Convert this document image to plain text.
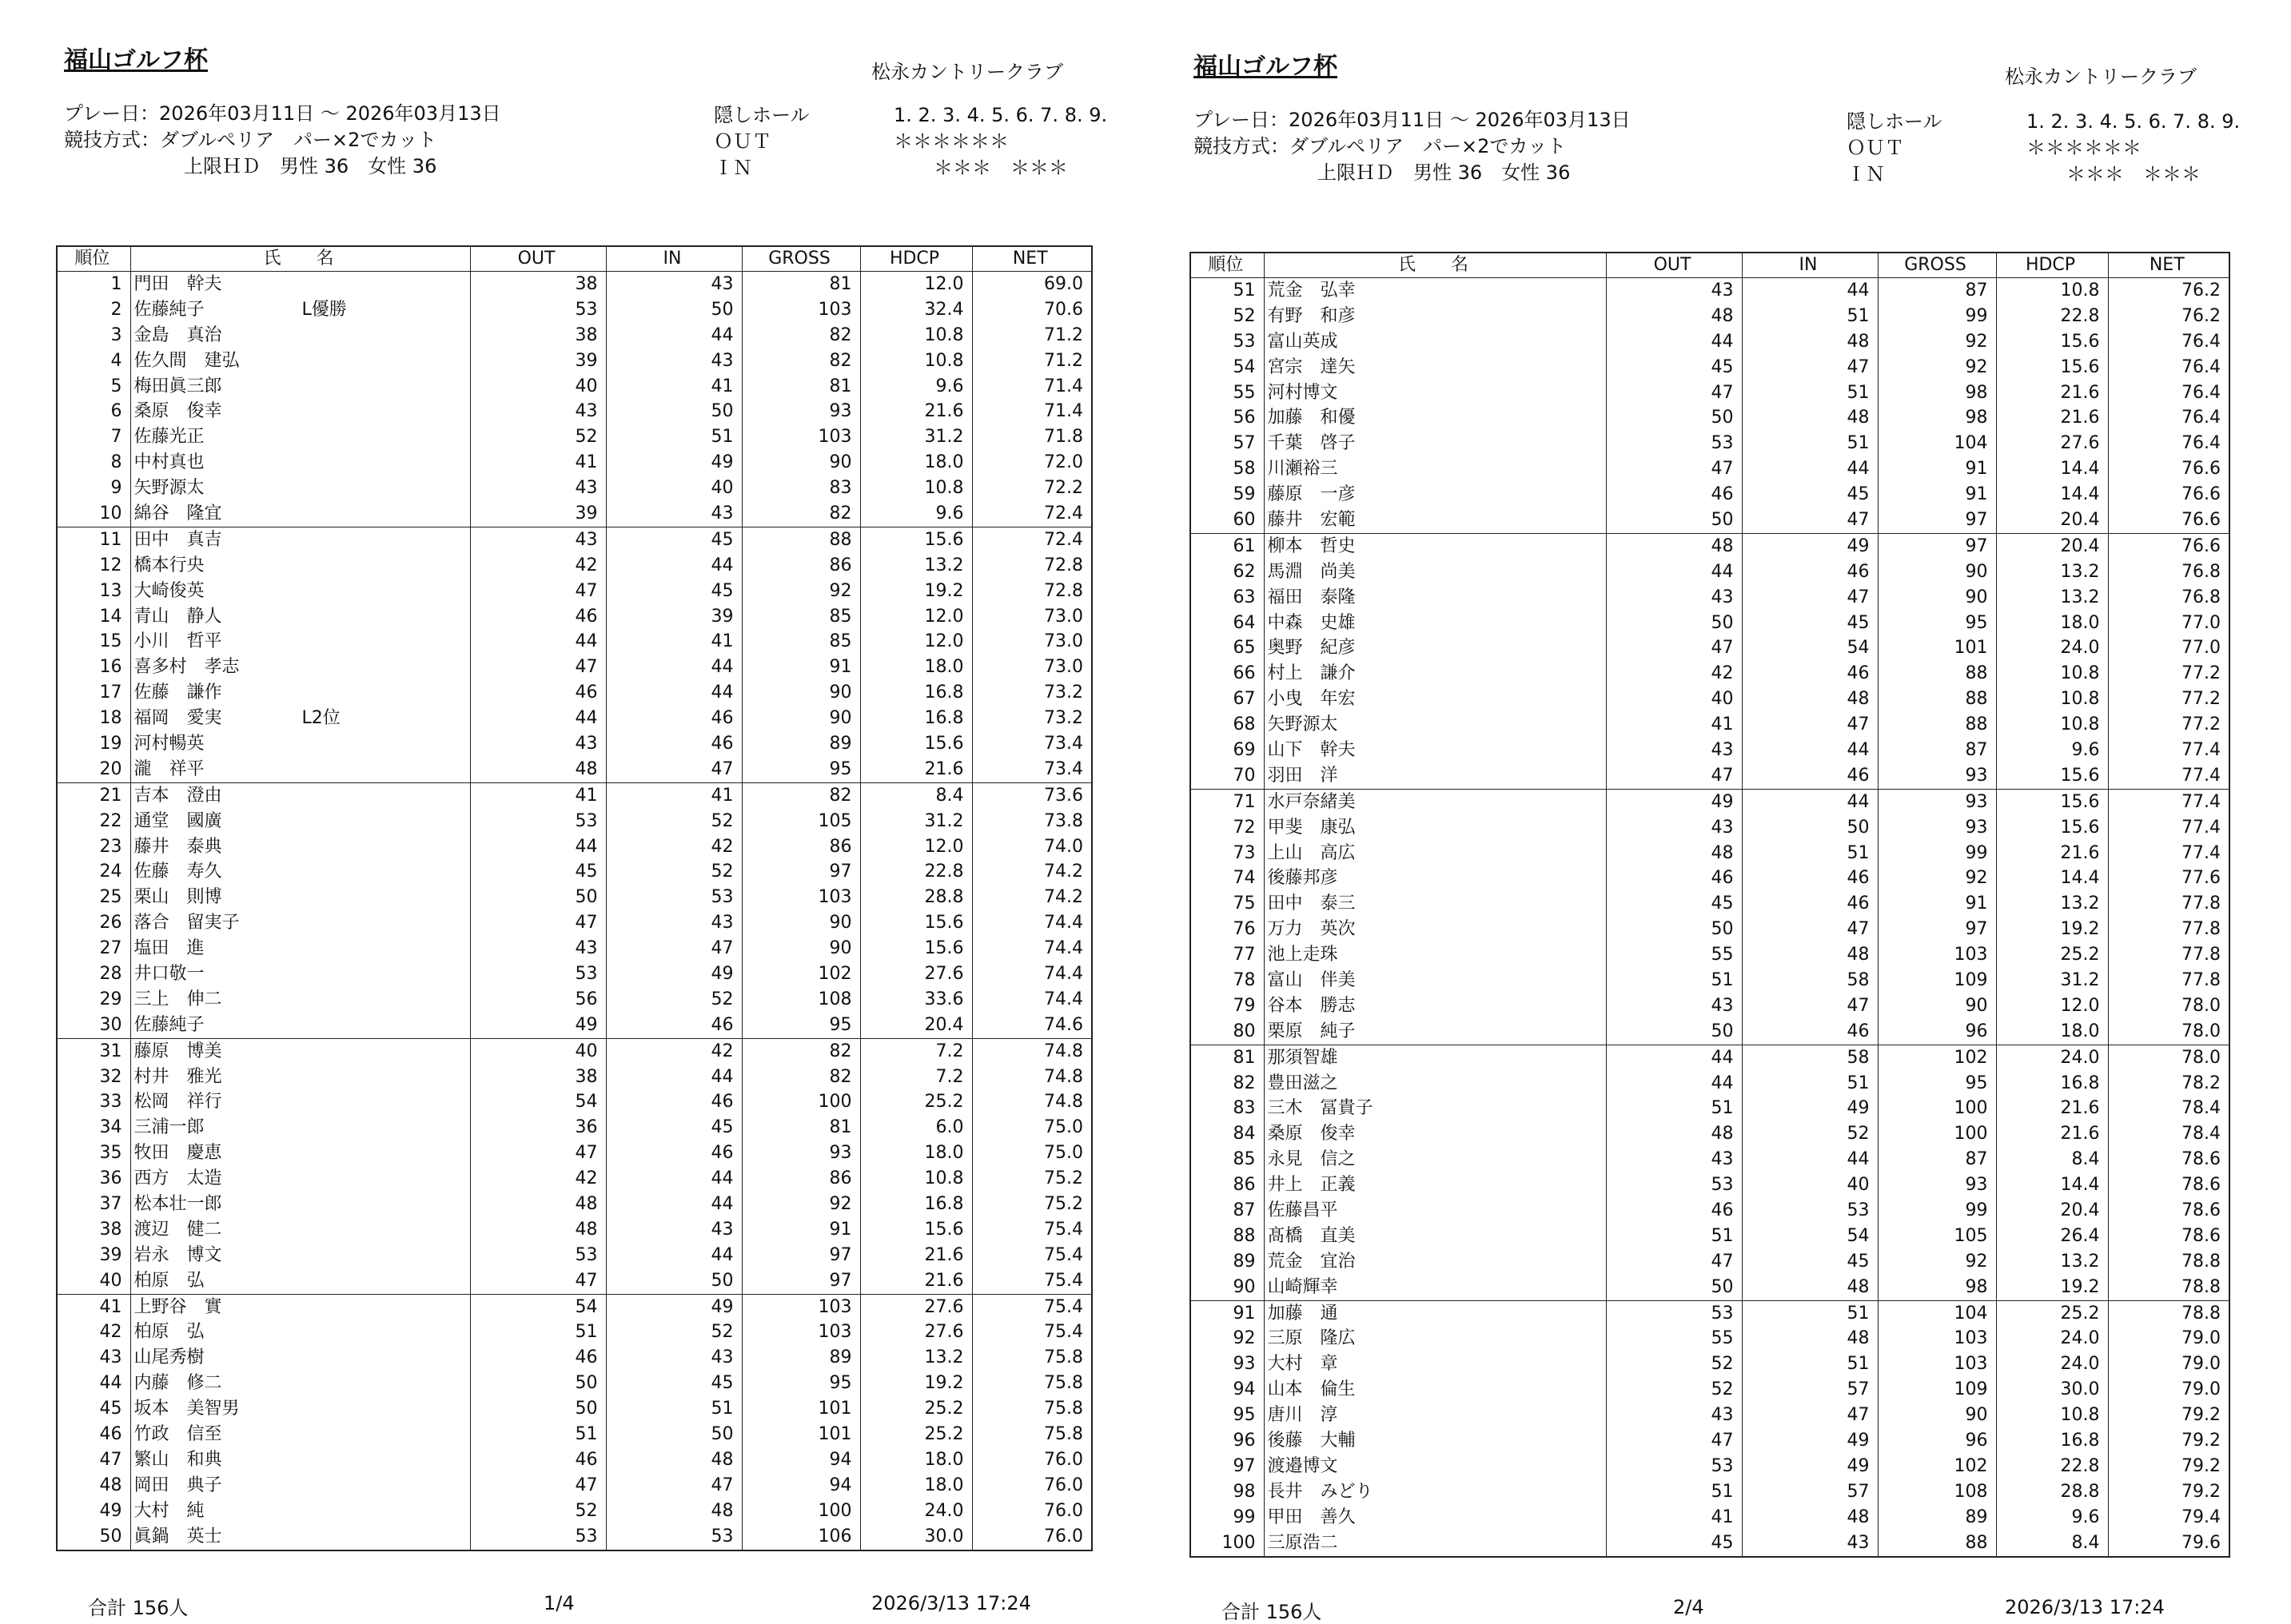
福山ゴルフ杯	松永カントリークラブ
プレー日：2026年03月11日 ～ 2026年03月13日
競技方式：ダブルペリア　パー×2でカット
上限ＨＤ　男性 36　女性 36
隠しホール	1. 2. 3. 4. 5. 6. 7. 8. 9.
ＯＵＴ	＊＊＊＊＊＊
ＩＮ	＊＊＊　＊＊＊
順位	氏　　名	OUT	IN	GROSS	HDCP	NET
1	門田　幹夫	38	43	81	12.0	69.0
2	佐藤純子 L優勝	53	50	103	32.4	70.6
3	金島　真治	38	44	82	10.8	71.2
4	佐久間　建弘	39	43	82	10.8	71.2
5	梅田眞三郎	40	41	81	9.6	71.4
6	桑原　俊幸	43	50	93	21.6	71.4
7	佐藤光正	52	51	103	31.2	71.8
8	中村真也	41	49	90	18.0	72.0
9	矢野源太	43	40	83	10.8	72.2
10	綿谷　隆宜	39	43	82	9.6	72.4
11	田中　真吉	43	45	88	15.6	72.4
12	橋本行央	42	44	86	13.2	72.8
13	大崎俊英	47	45	92	19.2	72.8
14	青山　静人	46	39	85	12.0	73.0
15	小川　哲平	44	41	85	12.0	73.0
16	喜多村　孝志	47	44	91	18.0	73.0
17	佐藤　謙作	46	44	90	16.8	73.2
18	福岡　愛実 L2位	44	46	90	16.8	73.2
19	河村暢英	43	46	89	15.6	73.4
20	瀧　祥平	48	47	95	21.6	73.4
21	吉本　澄由	41	41	82	8.4	73.6
22	通堂　國廣	53	52	105	31.2	73.8
23	藤井　泰典	44	42	86	12.0	74.0
24	佐藤　寿久	45	52	97	22.8	74.2
25	栗山　則博	50	53	103	28.8	74.2
26	落合　留実子	47	43	90	15.6	74.4
27	塩田　進	43	47	90	15.6	74.4
28	井口敬一	53	49	102	27.6	74.4
29	三上　伸二	56	52	108	33.6	74.4
30	佐藤純子	49	46	95	20.4	74.6
31	藤原　博美	40	42	82	7.2	74.8
32	村井　雅光	38	44	82	7.2	74.8
33	松岡　祥行	54	46	100	25.2	74.8
34	三浦一郎	36	45	81	6.0	75.0
35	牧田　慶恵	47	46	93	18.0	75.0
36	西方　太造	42	44	86	10.8	75.2
37	松本壮一郎	48	44	92	16.8	75.2
38	渡辺　健二	48	43	91	15.6	75.4
39	岩永　博文	53	44	97	21.6	75.4
40	柏原　弘	47	50	97	21.6	75.4
41	上野谷　實	54	49	103	27.6	75.4
42	柏原　弘	51	52	103	27.6	75.4
43	山尾秀樹	46	43	89	13.2	75.8
44	内藤　修二	50	45	95	19.2	75.8
45	坂本　美智男	50	51	101	25.2	75.8
46	竹政　信至	51	50	101	25.2	75.8
47	繁山　和典	46	48	94	18.0	76.0
48	岡田　典子	47	47	94	18.0	76.0
49	大村　純	52	48	100	24.0	76.0
50	眞鍋　英士	53	53	106	30.0	76.0
合計 156人	1/4	2026/3/13 17:24
福山ゴルフ杯	松永カントリークラブ
プレー日：2026年03月11日 ～ 2026年03月13日
競技方式：ダブルペリア　パー×2でカット
上限ＨＤ　男性 36　女性 36
隠しホール	1. 2. 3. 4. 5. 6. 7. 8. 9.
ＯＵＴ	＊＊＊＊＊＊
ＩＮ	＊＊＊　＊＊＊
順位	氏　　名	OUT	IN	GROSS	HDCP	NET
51	荒金　弘幸	43	44	87	10.8	76.2
52	有野　和彦	48	51	99	22.8	76.2
53	富山英成	44	48	92	15.6	76.4
54	宮宗　達矢	45	47	92	15.6	76.4
55	河村博文	47	51	98	21.6	76.4
56	加藤　和優	50	48	98	21.6	76.4
57	千葉　啓子	53	51	104	27.6	76.4
58	川瀬裕三	47	44	91	14.4	76.6
59	藤原　一彦	46	45	91	14.4	76.6
60	藤井　宏範	50	47	97	20.4	76.6
61	柳本　哲史	48	49	97	20.4	76.6
62	馬淵　尚美	44	46	90	13.2	76.8
63	福田　泰隆	43	47	90	13.2	76.8
64	中森　史雄	50	45	95	18.0	77.0
65	奥野　紀彦	47	54	101	24.0	77.0
66	村上　謙介	42	46	88	10.8	77.2
67	小曳　年宏	40	48	88	10.8	77.2
68	矢野源太	41	47	88	10.8	77.2
69	山下　幹夫	43	44	87	9.6	77.4
70	羽田　洋	47	46	93	15.6	77.4
71	水戸奈緒美	49	44	93	15.6	77.4
72	甲斐　康弘	43	50	93	15.6	77.4
73	上山　高広	48	51	99	21.6	77.4
74	後藤邦彦	46	46	92	14.4	77.6
75	田中　泰三	45	46	91	13.2	77.8
76	万力　英次	50	47	97	19.2	77.8
77	池上走珠	55	48	103	25.2	77.8
78	富山　伴美	51	58	109	31.2	77.8
79	谷本　勝志	43	47	90	12.0	78.0
80	栗原　純子	50	46	96	18.0	78.0
81	那須智雄	44	58	102	24.0	78.0
82	豊田滋之	44	51	95	16.8	78.2
83	三木　冨貴子	51	49	100	21.6	78.4
84	桑原　俊幸	48	52	100	21.6	78.4
85	永見　信之	43	44	87	8.4	78.6
86	井上　正義	53	40	93	14.4	78.6
87	佐藤昌平	46	53	99	20.4	78.6
88	髙橋　直美	51	54	105	26.4	78.6
89	荒金　宜治	47	45	92	13.2	78.8
90	山崎輝幸	50	48	98	19.2	78.8
91	加藤　通	53	51	104	25.2	78.8
92	三原　隆広	55	48	103	24.0	79.0
93	大村　章	52	51	103	24.0	79.0
94	山本　倫生	52	57	109	30.0	79.0
95	唐川　淳	43	47	90	10.8	79.2
96	後藤　大輔	47	49	96	16.8	79.2
97	渡邉博文	53	49	102	22.8	79.2
98	長井　みどり	51	57	108	28.8	79.2
99	甲田　善久	41	48	89	9.6	79.4
100	三原浩二	45	43	88	8.4	79.6
合計 156人	2/4	2026/3/13 17:24
